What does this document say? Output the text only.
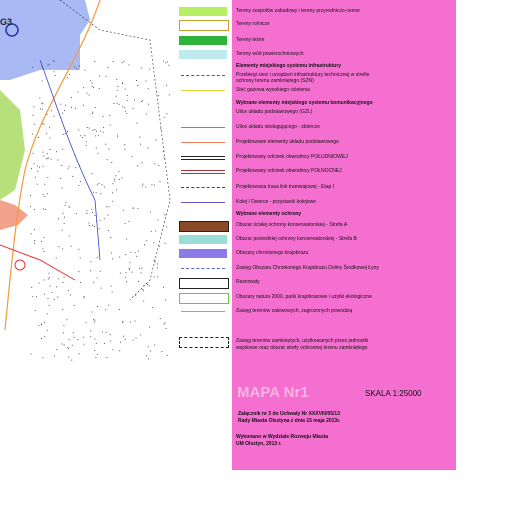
G3
Tereny zespołów zabudowy i tereny przyrodniczo-cenne
Tereny rolnicze
Tereny leśne
Tereny wód powierzchniowych
Elementy miejskiego systemu infrastruktury
Przebiegi sieci i urządzeń infrastruktury technicznej w strefie
ochrony terenu zamkniętego (SZN)
Sieć gazowa wysokiego ciśnienia
Wybrane elementy miejskiego systemu komunikacyjnego
Ulice układu podstawowego (GZL)
Ulice układu obsługującego - zbiorcze
Projektowane elementy układu podstawowego
Projektowany odcinek obwodnicy POŁUDNIOWEJ
Projektowany odcinek obwodnicy POŁNOCNEJ
Projektowana trasa linii tramwajowej - Etap I
Kolej / Dworce - przystanki kolejowe
Wybrane elementy ochrony
Obszar ścisłej ochrony konserwatorskiej - Strefa A
Obszar pośredniej ochrony konserwatorskiej - Strefa B
Obszary chronionego krajobrazu
Zasięg Obszaru Chronionego Krajobrazu Doliny Środkowej Łyny
Rezerwaty
Obszary natura 2000, parki krajobrazowe i użytki ekologiczne
Zasięg terenów zalewowych, zagrożonych powodzią
Zasięg terenów zamkniętych, użytkowanych przez jednostki
wojskowe oraz obszar strefy ochronnej terenu zamkniętego
MAPA Nr1	SKALA 1:25000
Załącznik nr 3 do Uchwały Nr XXXVIII/05/13
Rady Miasta Olsztyna z dnia 15 maja 2013r.
Wykonano w Wydziale Rozwoju Miasta
UM Olsztyn, 2013 r.
